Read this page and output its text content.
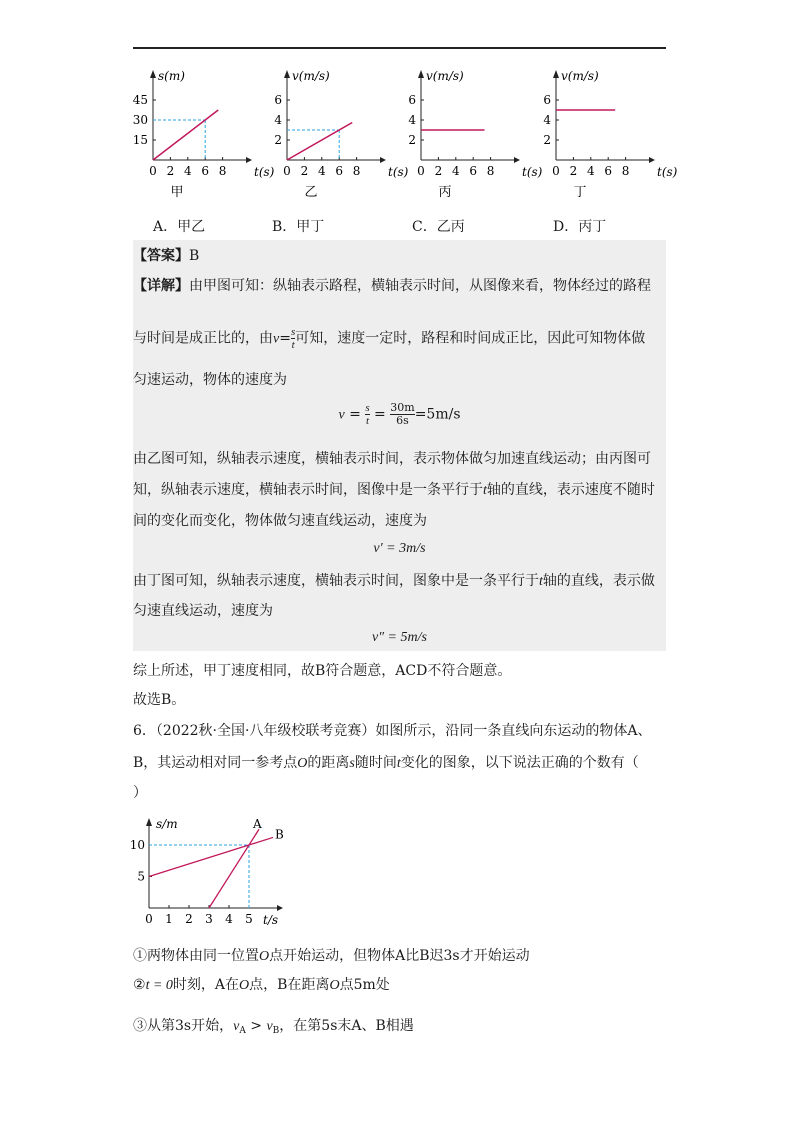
s(m)
t(s)
0 2 4 6 8
15
30
45
甲
v(m/s)
t(s)
0 2 4 6 8
2
4
6
乙
v(m/s)
t(s)
0 2 4 6 8
2
4
6
丙
v(m/s)
t(s)
0 2 4 6 8
2
4
6
丁
A．甲乙	B．甲丁	C．乙丙	D．丙丁
【答案】B
【详解】由甲图可知：纵轴表示路程，横轴表示时间，从图像来看，物体经过的路程
与时间是成正比的，由$v= \frac{s}{t}$ 可知，速度一定时，路程和时间成正比，因此可知物体做
匀速运动，物体的速度为
$v = \frac{s}{t} = \frac{30m}{6s} =5m/s$
由乙图可知，纵轴表示速度，横轴表示时间，表示物体做匀加速直线运动；由丙图可
知，纵轴表示速度，横轴表示时间，图像中是一条平行于t轴的直线，表示速度不随时
间的变化而变化，物体做匀速直线运动，速度为
v′ = 3m/s
由丁图可知，纵轴表示速度，横轴表示时间，图象中是一条平行于t轴的直线，表示做
匀速直线运动，速度为
v″ = 5m/s
综上所述，甲丁速度相同，故B符合题意，ACD不符合题意。
故选B。
6．（2022秋·全国·八年级校联考竞赛）如图所示，沿同一条直线向东运动的物体A、
B，其运动相对同一参考点O的距离s随时间t变化的图象，以下说法正确的个数有（
）
s/m
t/s
0 1 2 3 4 5
5
10
A
B
①两物体由同一位置O点开始运动，但物体A比B迟3s才开始运动
②t = 0时刻，A在O点，B在距离O点5m处
③从第3s开始，$v_A > v_B$，在第5s末A、B相遇
